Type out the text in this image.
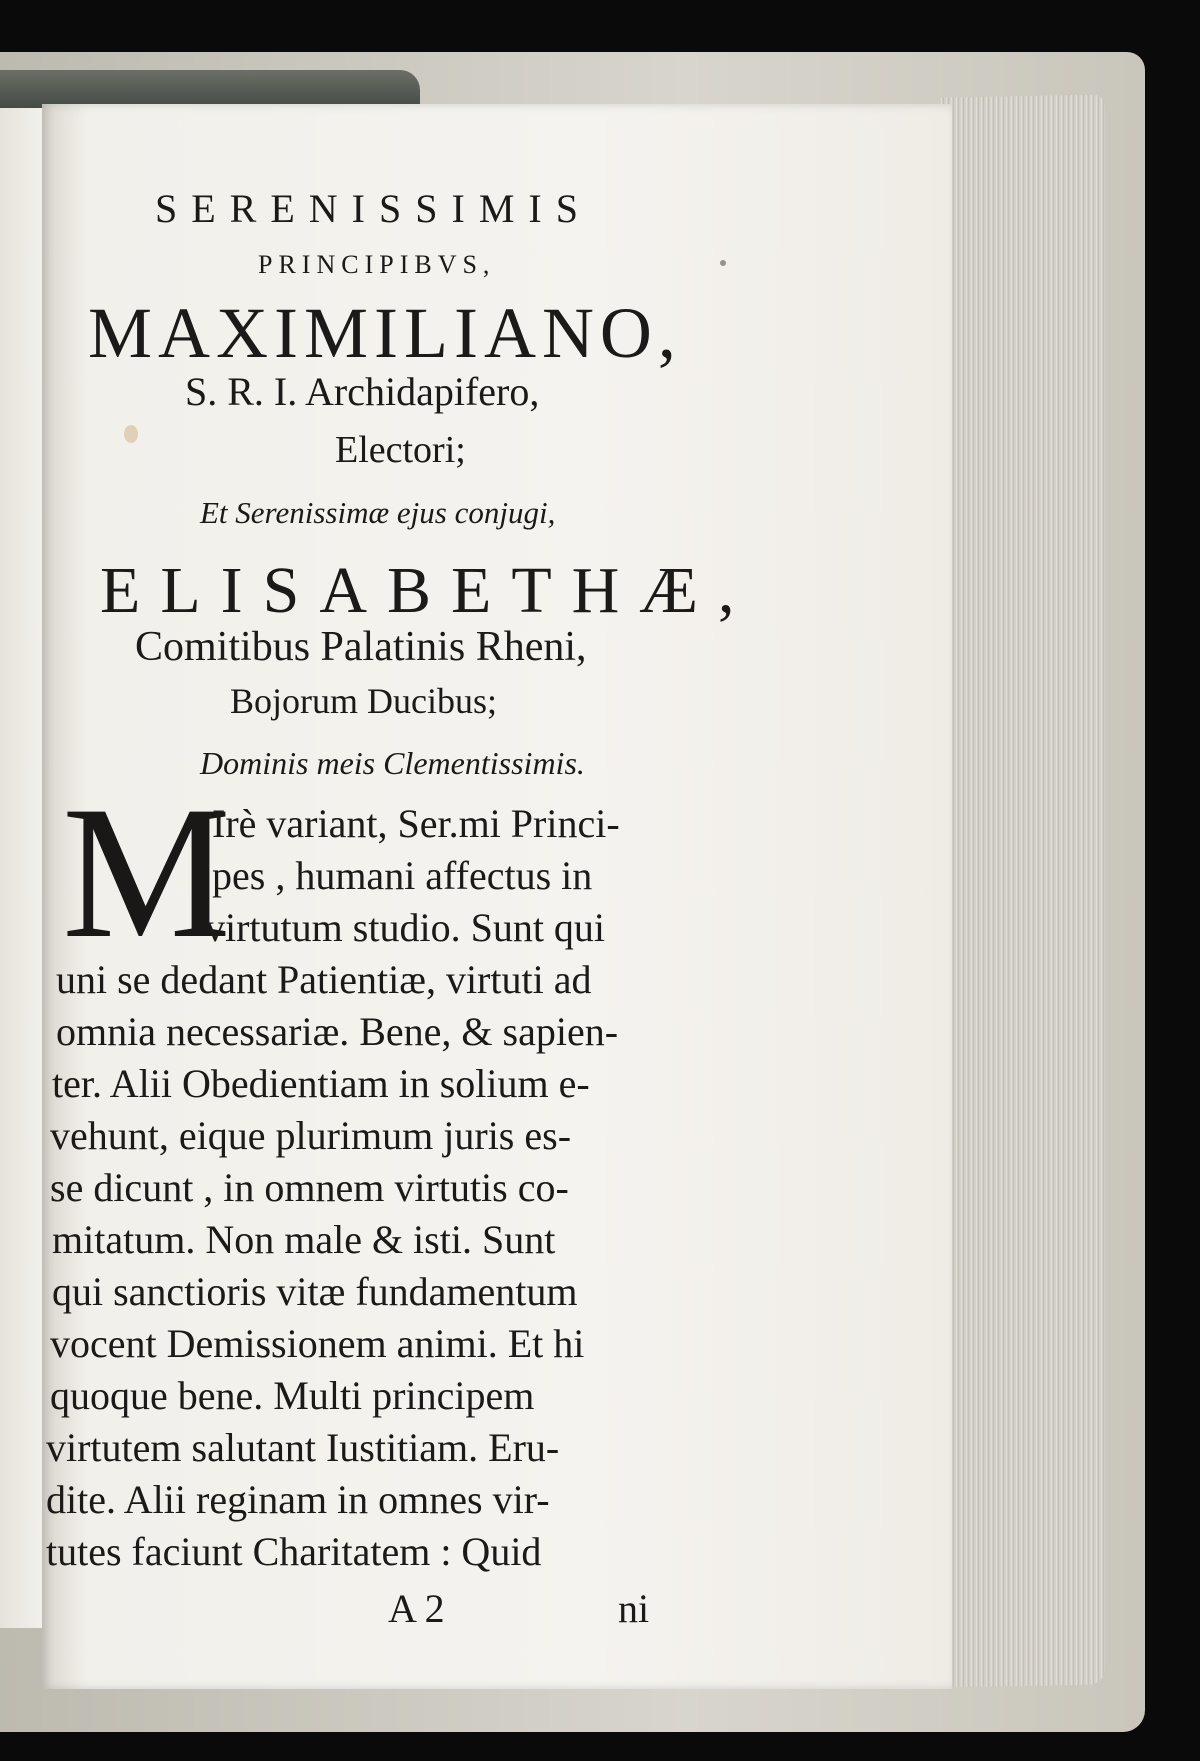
SERENISSIMIS
PRINCIPIBVS,
MAXIMILIANO,
S. R. I. Archidapifero,
Electori;
Et Serenissimæ ejus conjugi,
ELISABETHÆ,
Comitibus Palatinis Rheni,
Bojorum Ducibus;
Dominis meis Clementissimis.
M
Irè variant, Ser.mi Princi-
pes , humani affectus in
virtutum studio. Sunt qui
uni se dedant Patientiæ, virtuti ad
omnia necessariæ. Bene, & sapien-
ter. Alii Obedientiam in solium e-
vehunt, eique plurimum juris es-
se dicunt , in omnem virtutis co-
mitatum. Non male & isti. Sunt
qui sanctioris vitæ fundamentum
vocent Demissionem animi. Et hi
quoque bene. Multi principem
virtutem salutant Iustitiam. Eru-
dite. Alii reginam in omnes vir-
tutes faciunt Charitatem : Quid
A 2	ni
